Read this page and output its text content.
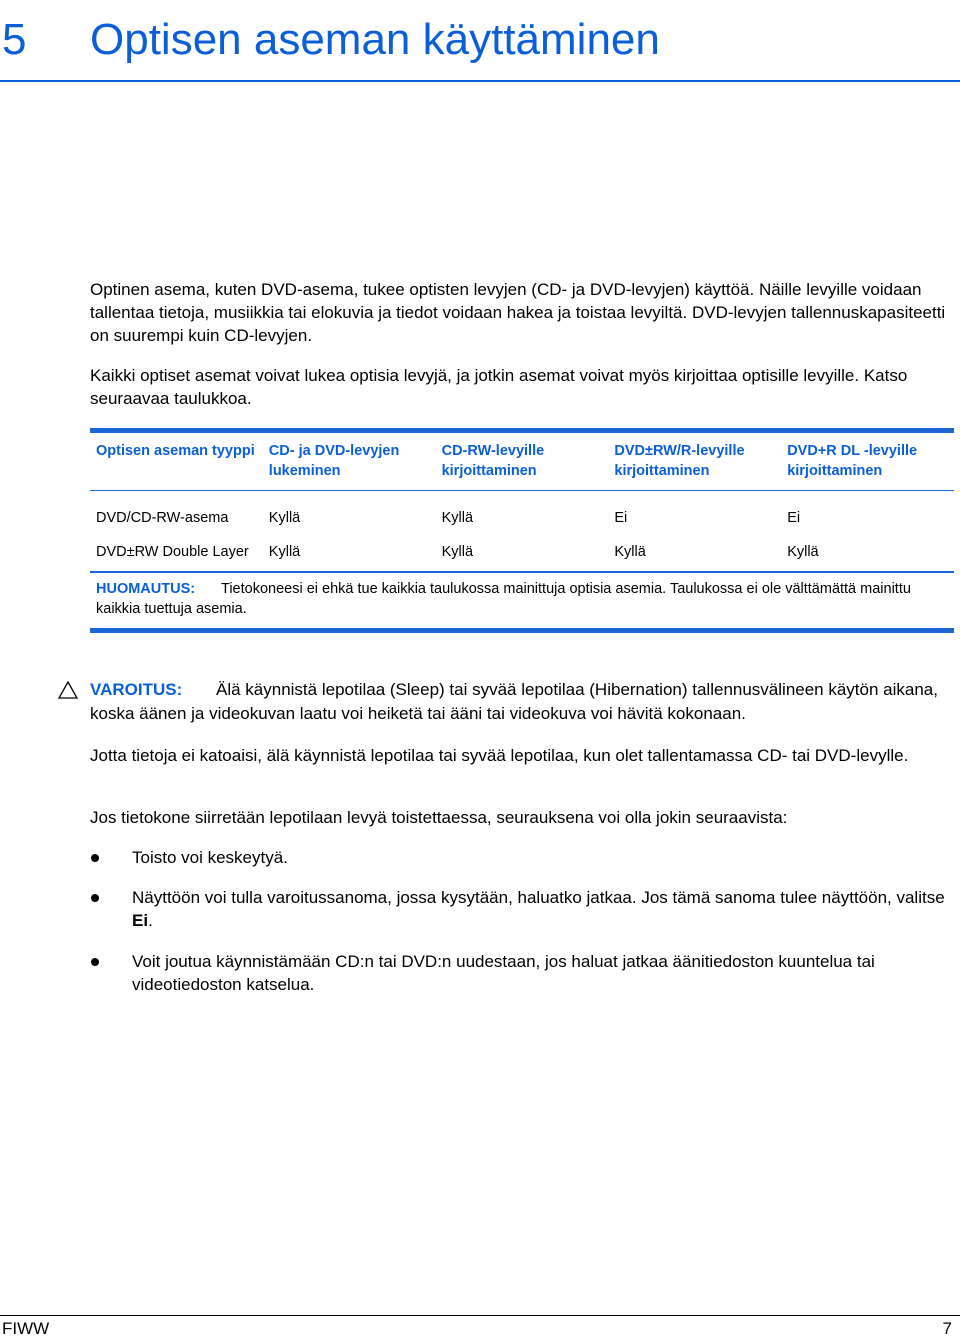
5 Optisen aseman käyttäminen

Optinen asema, kuten DVD-asema, tukee optisten levyjen (CD- ja DVD-levyjen) käyttöä. Näille levyille voidaan tallentaa tietoja, musiikkia tai elokuvia ja tiedot voidaan hakea ja toistaa levyiltä. DVD-levyjen tallennuskapasiteetti on suurempi kuin CD-levyjen.

Kaikki optiset asemat voivat lukea optisia levyjä, ja jotkin asemat voivat myös kirjoittaa optisille levyille. Katso seuraavaa taulukkoa.

Optisen aseman tyyppi	CD- ja DVD-levyjen lukeminen	CD-RW-levyille kirjoittaminen	DVD±RW/R-levyille kirjoittaminen	DVD+R DL -levyille kirjoittaminen
DVD/CD-RW-asema	Kyllä	Kyllä	Ei	Ei
DVD±RW Double Layer	Kyllä	Kyllä	Kyllä	Kyllä
HUOMAUTUS: Tietokoneesi ei ehkä tue kaikkia taulukossa mainittuja optisia asemia. Taulukossa ei ole välttämättä mainittu kaikkia tuettuja asemia.
VAROITUS: Älä käynnistä lepotilaa (Sleep) tai syvää lepotilaa (Hibernation) tallennusvälineen käytön aikana, koska äänen ja videokuvan laatu voi heiketä tai ääni tai videokuva voi hävitä kokonaan.

Jotta tietoja ei katoaisi, älä käynnistä lepotilaa tai syvää lepotilaa, kun olet tallentamassa CD- tai DVD-levylle.

Jos tietokone siirretään lepotilaan levyä toistettaessa, seurauksena voi olla jokin seuraavista:

Toisto voi keskeytyä.
Näyttöön voi tulla varoitussanoma, jossa kysytään, haluatko jatkaa. Jos tämä sanoma tulee näyttöön, valitse Ei.
Voit joutua käynnistämään CD:n tai DVD:n uudestaan, jos haluat jatkaa äänitiedoston kuuntelua tai videotiedoston katselua.
FIWW	7
